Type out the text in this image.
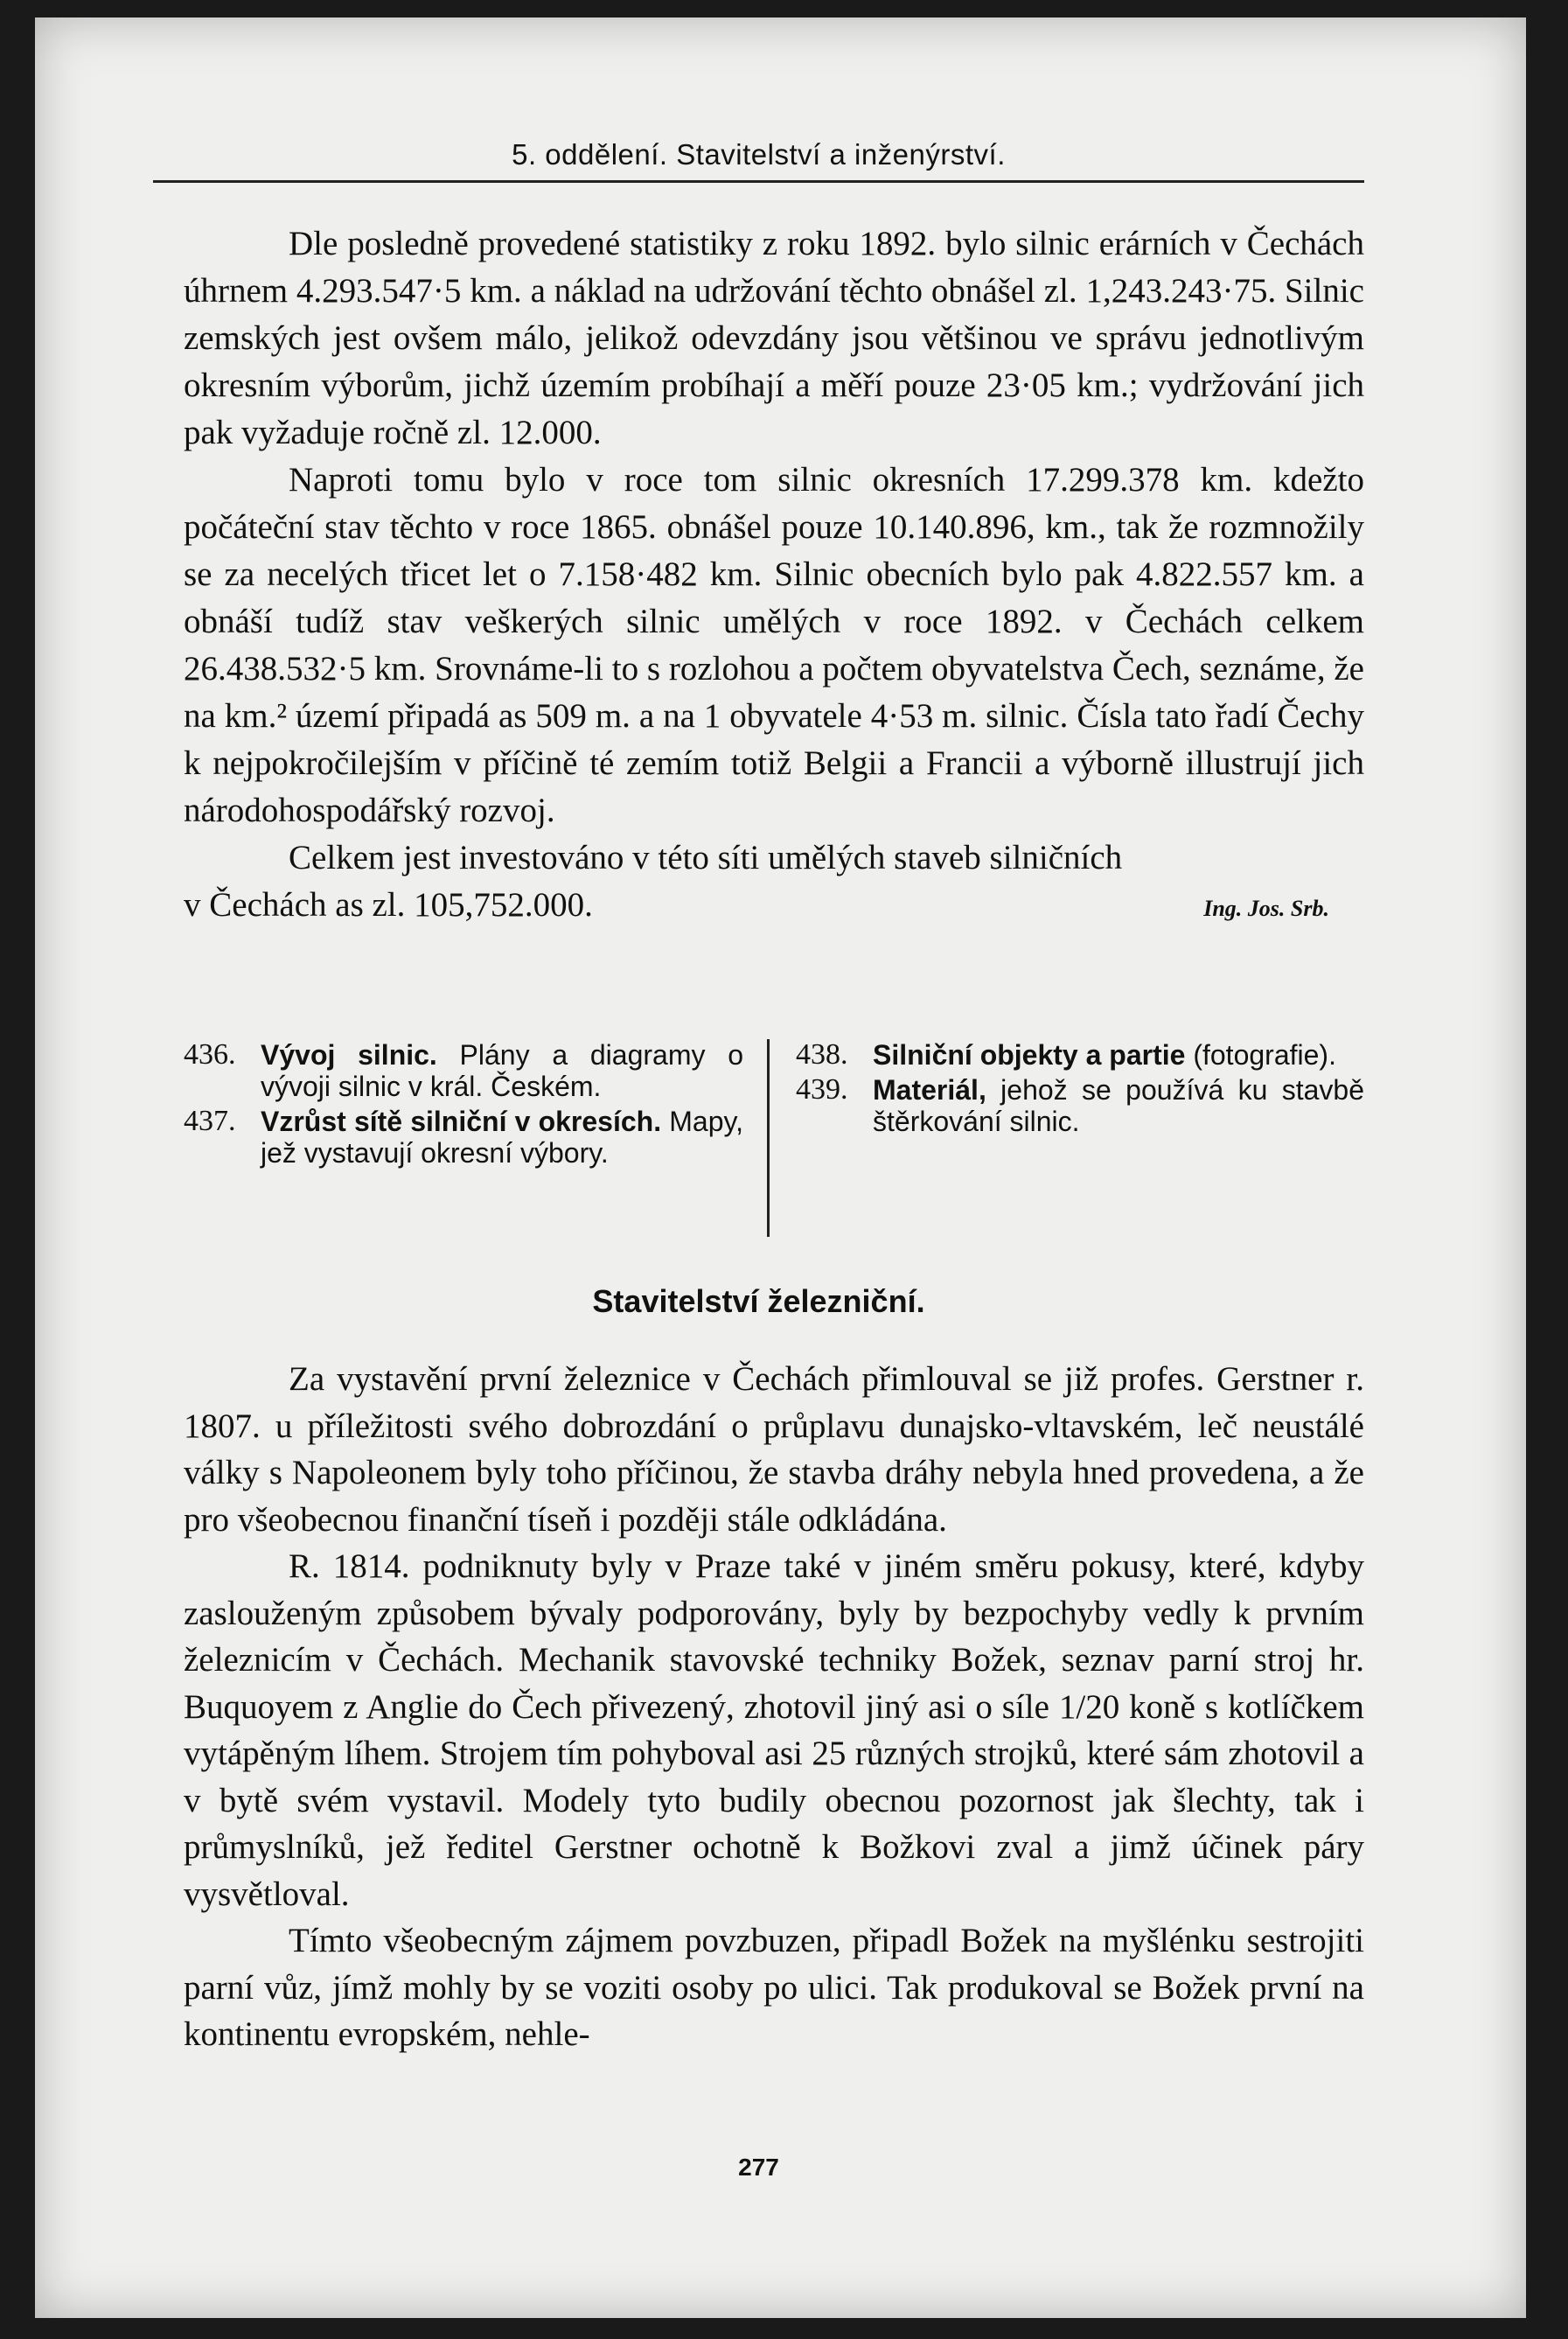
5. oddělení. Stavitelství a inženýrství.

Dle posledně provedené statistiky z roku 1892. bylo silnic erárních v Čechách úhrnem 4.293.547·5 km. a náklad na udržování těchto obnášel zl. 1,243.243·75. Silnic zemských jest ovšem málo, jelikož odevzdány jsou většinou ve správu jednotlivým okresním výborům, jichž územím probíhají a měří pouze 23·05 km.; vydržování jich pak vyžaduje ročně zl. 12.000.

Naproti tomu bylo v roce tom silnic okresních 17.299.378 km. kdežto počáteční stav těchto v roce 1865. obnášel pouze 10.140.896, km., tak že rozmnožily se za necelých třicet let o 7.158·482 km. Silnic obecních bylo pak 4.822.557 km. a obnáší tudíž stav veškerých silnic umělých v roce 1892. v Čechách celkem 26.438.532·5 km. Srovnáme-li to s rozlohou a počtem obyvatelstva Čech, seznáme, že na km.² území připadá as 509 m. a na 1 obyvatele 4·53 m. silnic. Čísla tato řadí Čechy k nejpokročilejším v příčině té zemím totiž Belgii a Francii a výborně illustrují jich národohospodářský rozvoj.

Celkem jest investováno v této síti umělých staveb silničních

v Čechách as zl. 105,752.000.	Ing. Jos. Srb.
436. Vývoj silnic. Plány a diagramy o vývoji silnic v král. Českém.
437. Vzrůst sítě silniční v okresích. Mapy, jež vystavují okresní výbory.
438. Silniční objekty a partie (fotografie).
439. Materiál, jehož se používá ku stavbě štěrkování silnic.
Stavitelství železniční.

Za vystavění první železnice v Čechách přimlouval se již profes. Gerstner r. 1807. u příležitosti svého dobrozdání o průplavu dunajsko-vltavském, leč neustálé války s Napoleonem byly toho příčinou, že stavba dráhy nebyla hned provedena, a že pro všeobecnou finanční tíseň i později stále odkládána.

R. 1814. podniknuty byly v Praze také v jiném směru pokusy, které, kdyby zaslouženým způsobem bývaly podporovány, byly by bezpochyby vedly k prvním železnicím v Čechách. Mechanik stavovské techniky Božek, seznav parní stroj hr. Buquoyem z Anglie do Čech přivezený, zhotovil jiný asi o síle 1/20 koně s kotlíčkem vytápěným líhem. Strojem tím pohyboval asi 25 různých strojků, které sám zhotovil a v bytě svém vystavil. Modely tyto budily obecnou pozornost jak šlechty, tak i průmyslníků, jež ředitel Gerstner ochotně k Božkovi zval a jimž účinek páry vysvětloval.

Tímto všeobecným zájmem povzbuzen, připadl Božek na myšlénku sestrojiti parní vůz, jímž mohly by se voziti osoby po ulici. Tak produkoval se Božek první na kontinentu evropském, nehle-

277
